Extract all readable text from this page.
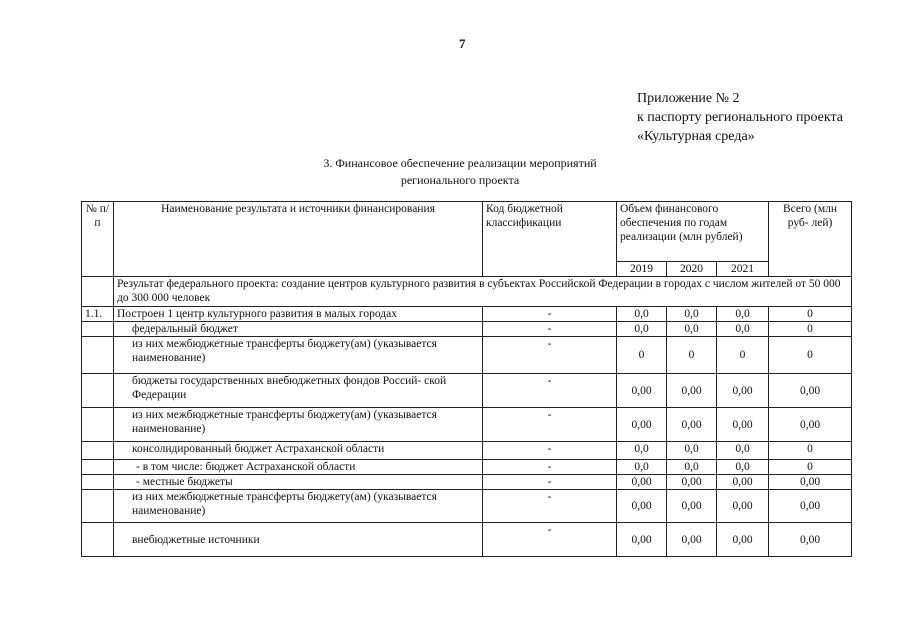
7
Приложение № 2
к паспорту регионального проекта
«Культурная среда»
3. Финансовое обеспечение реализации мероприятий
регионального проекта
№ п/п	Наименование результата и источники финансирования	Код бюджетной классификации	Объем финансового обеспечения по годам реализации (млн рублей)			Всего (млн руб- лей)
			2019	2020	2021	
	Результат федерального проекта: создание центров культурного развития в субъектах Российской Федерации в городах с числом жителей от 50 000 до 300 000 человек					
1.1.	Построен 1 центр культурного развития в малых городах	-	0,0	0,0	0,0	0
	федеральный бюджет	-	0,0	0,0	0,0	0
	из них межбюджетные трансферты бюджету(ам) (указывается наименование)	-	0	0	0	0
	бюджеты государственных внебюджетных фондов Россий- ской Федерации	-	0,00	0,00	0,00	0,00
	из них межбюджетные трансферты бюджету(ам) (указывается наименование)	-	0,00	0,00	0,00	0,00
	консолидированный бюджет Астраханской области	-	0,0	0,0	0,0	0
	- в том числе: бюджет Астраханской области	-	0,0	0,0	0,0	0
	- местные бюджеты	-	0,00	0,00	0,00	0,00
	из них межбюджетные трансферты бюджету(ам) (указывается наименование)	-	0,00	0,00	0,00	0,00
	внебюджетные источники	-	0,00	0,00	0,00	0,00
